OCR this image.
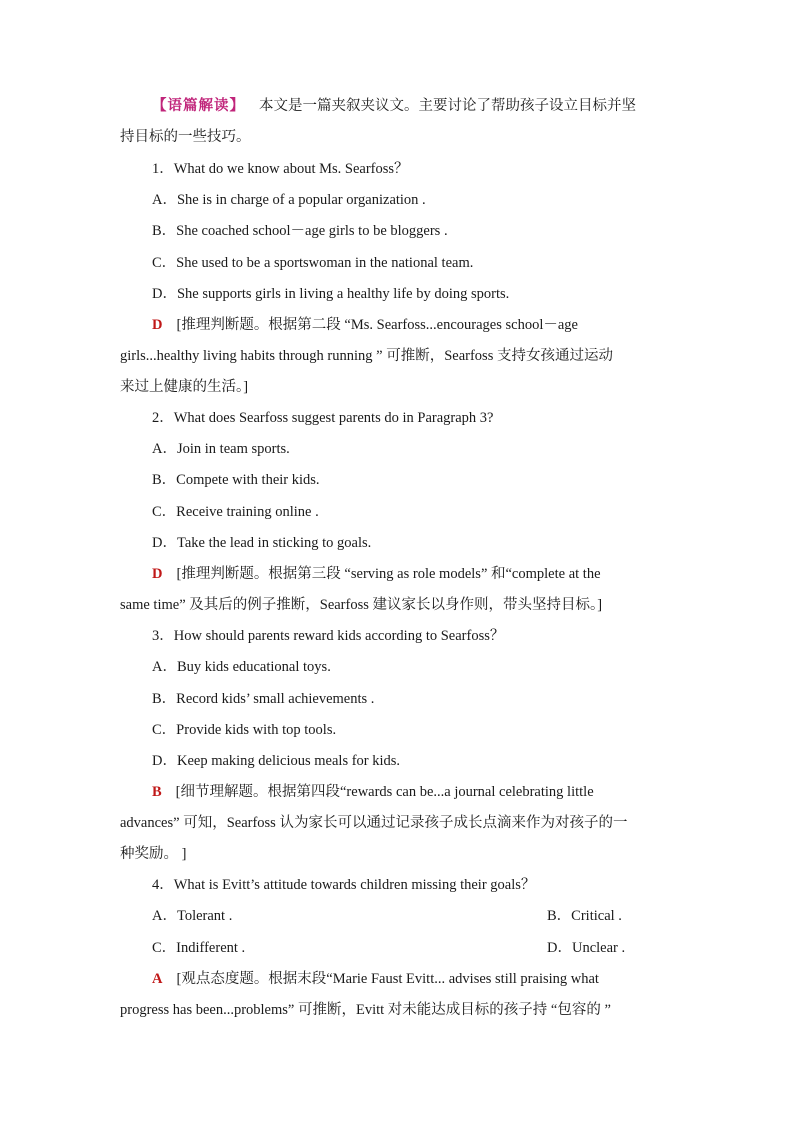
【语篇解读】 本文是一篇夹叙夹议文。主要讨论了帮助孩子设立目标并坚
持目标的一些技巧。
1．What do we know about Ms. Searfoss？
A．She is in charge of a popular organization .
B．She coached school－age girls to be bloggers .
C．She used to be a sportswoman in the national team.
D．She supports girls in living a healthy life by doing sports.
D [推理判断题。根据第二段 “Ms. Searfoss...encourages school－age
girls...healthy living habits through running ” 可推断，Searfoss 支持女孩通过运动
来过上健康的生活。]
2．What does Searfoss suggest parents do in Paragraph 3?
A．Join in team sports.
B．Compete with their kids.
C．Receive training online .
D．Take the lead in sticking to goals.
D [推理判断题。根据第三段 “serving as role models” 和“complete at the
same time” 及其后的例子推断，Searfoss 建议家长以身作则，带头坚持目标。]
3．How should parents reward kids according to Searfoss？
A．Buy kids educational toys.
B．Record kids’ small achievements .
C．Provide kids with top tools.
D．Keep making delicious meals for kids.
B [细节理解题。根据第四段“rewards can be...a journal celebrating little
advances” 可知，Searfoss 认为家长可以通过记录孩子成长点滴来作为对孩子的一
种奖励。 ]
4．What is Evitt’s attitude towards children missing their goals？
A．Tolerant .	B．Critical .
C．Indifferent .	D．Unclear .
A [观点态度题。根据末段“Marie Faust Evitt... advises still praising what
progress has been...problems” 可推断，Evitt 对未能达成目标的孩子持 “包容的 ”
